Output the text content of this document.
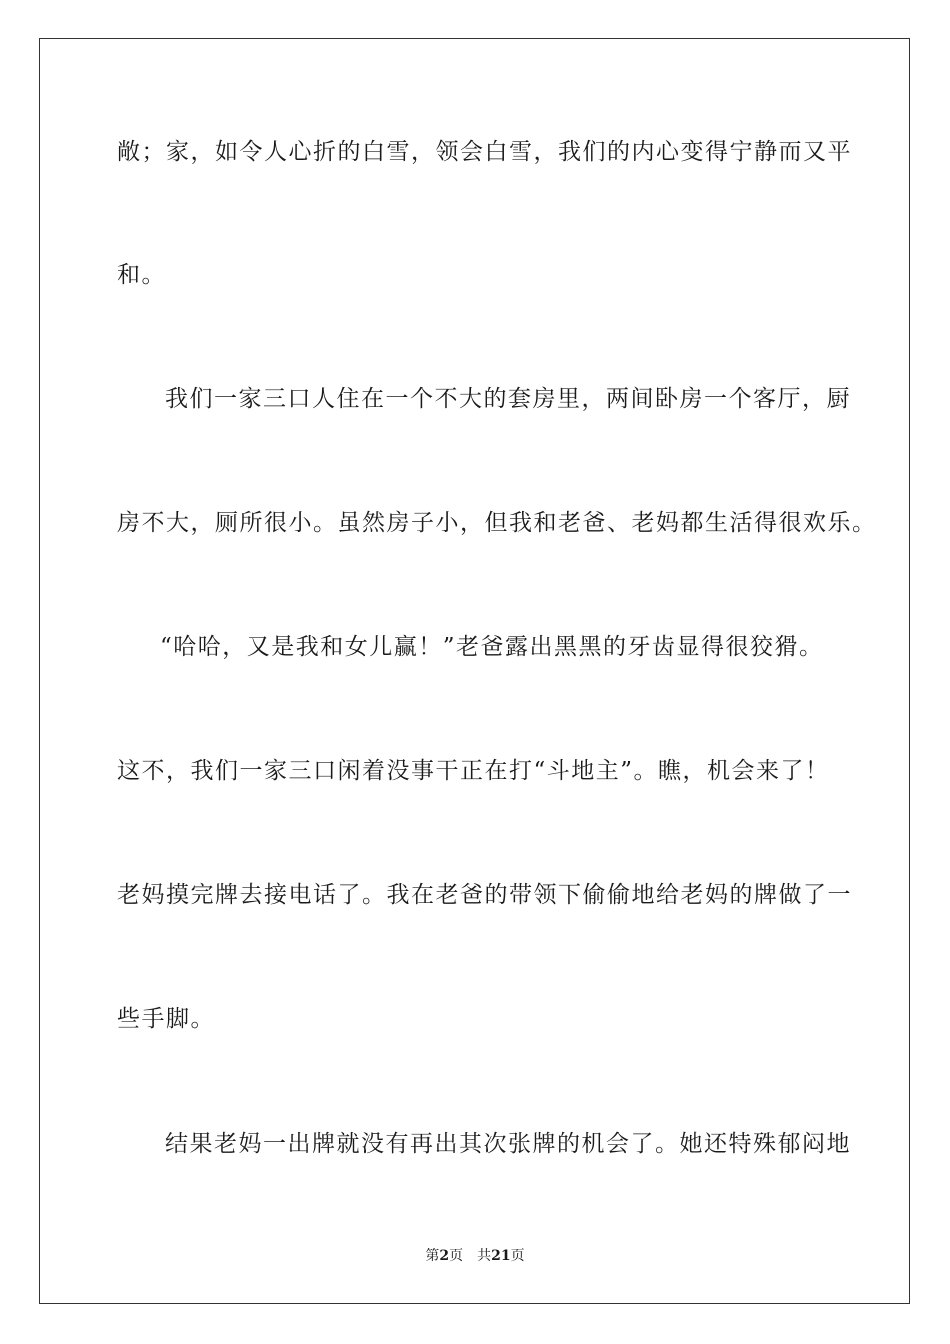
敞；家，如令人心折的白雪，领会白雪，我们的内心变得宁静而又平
和。
我们一家三口人住在一个不大的套房里，两间卧房一个客厅，厨
房不大，厕所很小。虽然房子小，但我和老爸、老妈都生活得很欢乐。
“哈哈，又是我和女儿赢！”老爸露出黑黑的牙齿显得很狡猾。
这不，我们一家三口闲着没事干正在打“斗地主”。瞧，机会来了！
老妈摸完牌去接电话了。我在老爸的带领下偷偷地给老妈的牌做了一
些手脚。
结果老妈一出牌就没有再出其次张牌的机会了。她还特殊郁闷地
第2页 共21页
